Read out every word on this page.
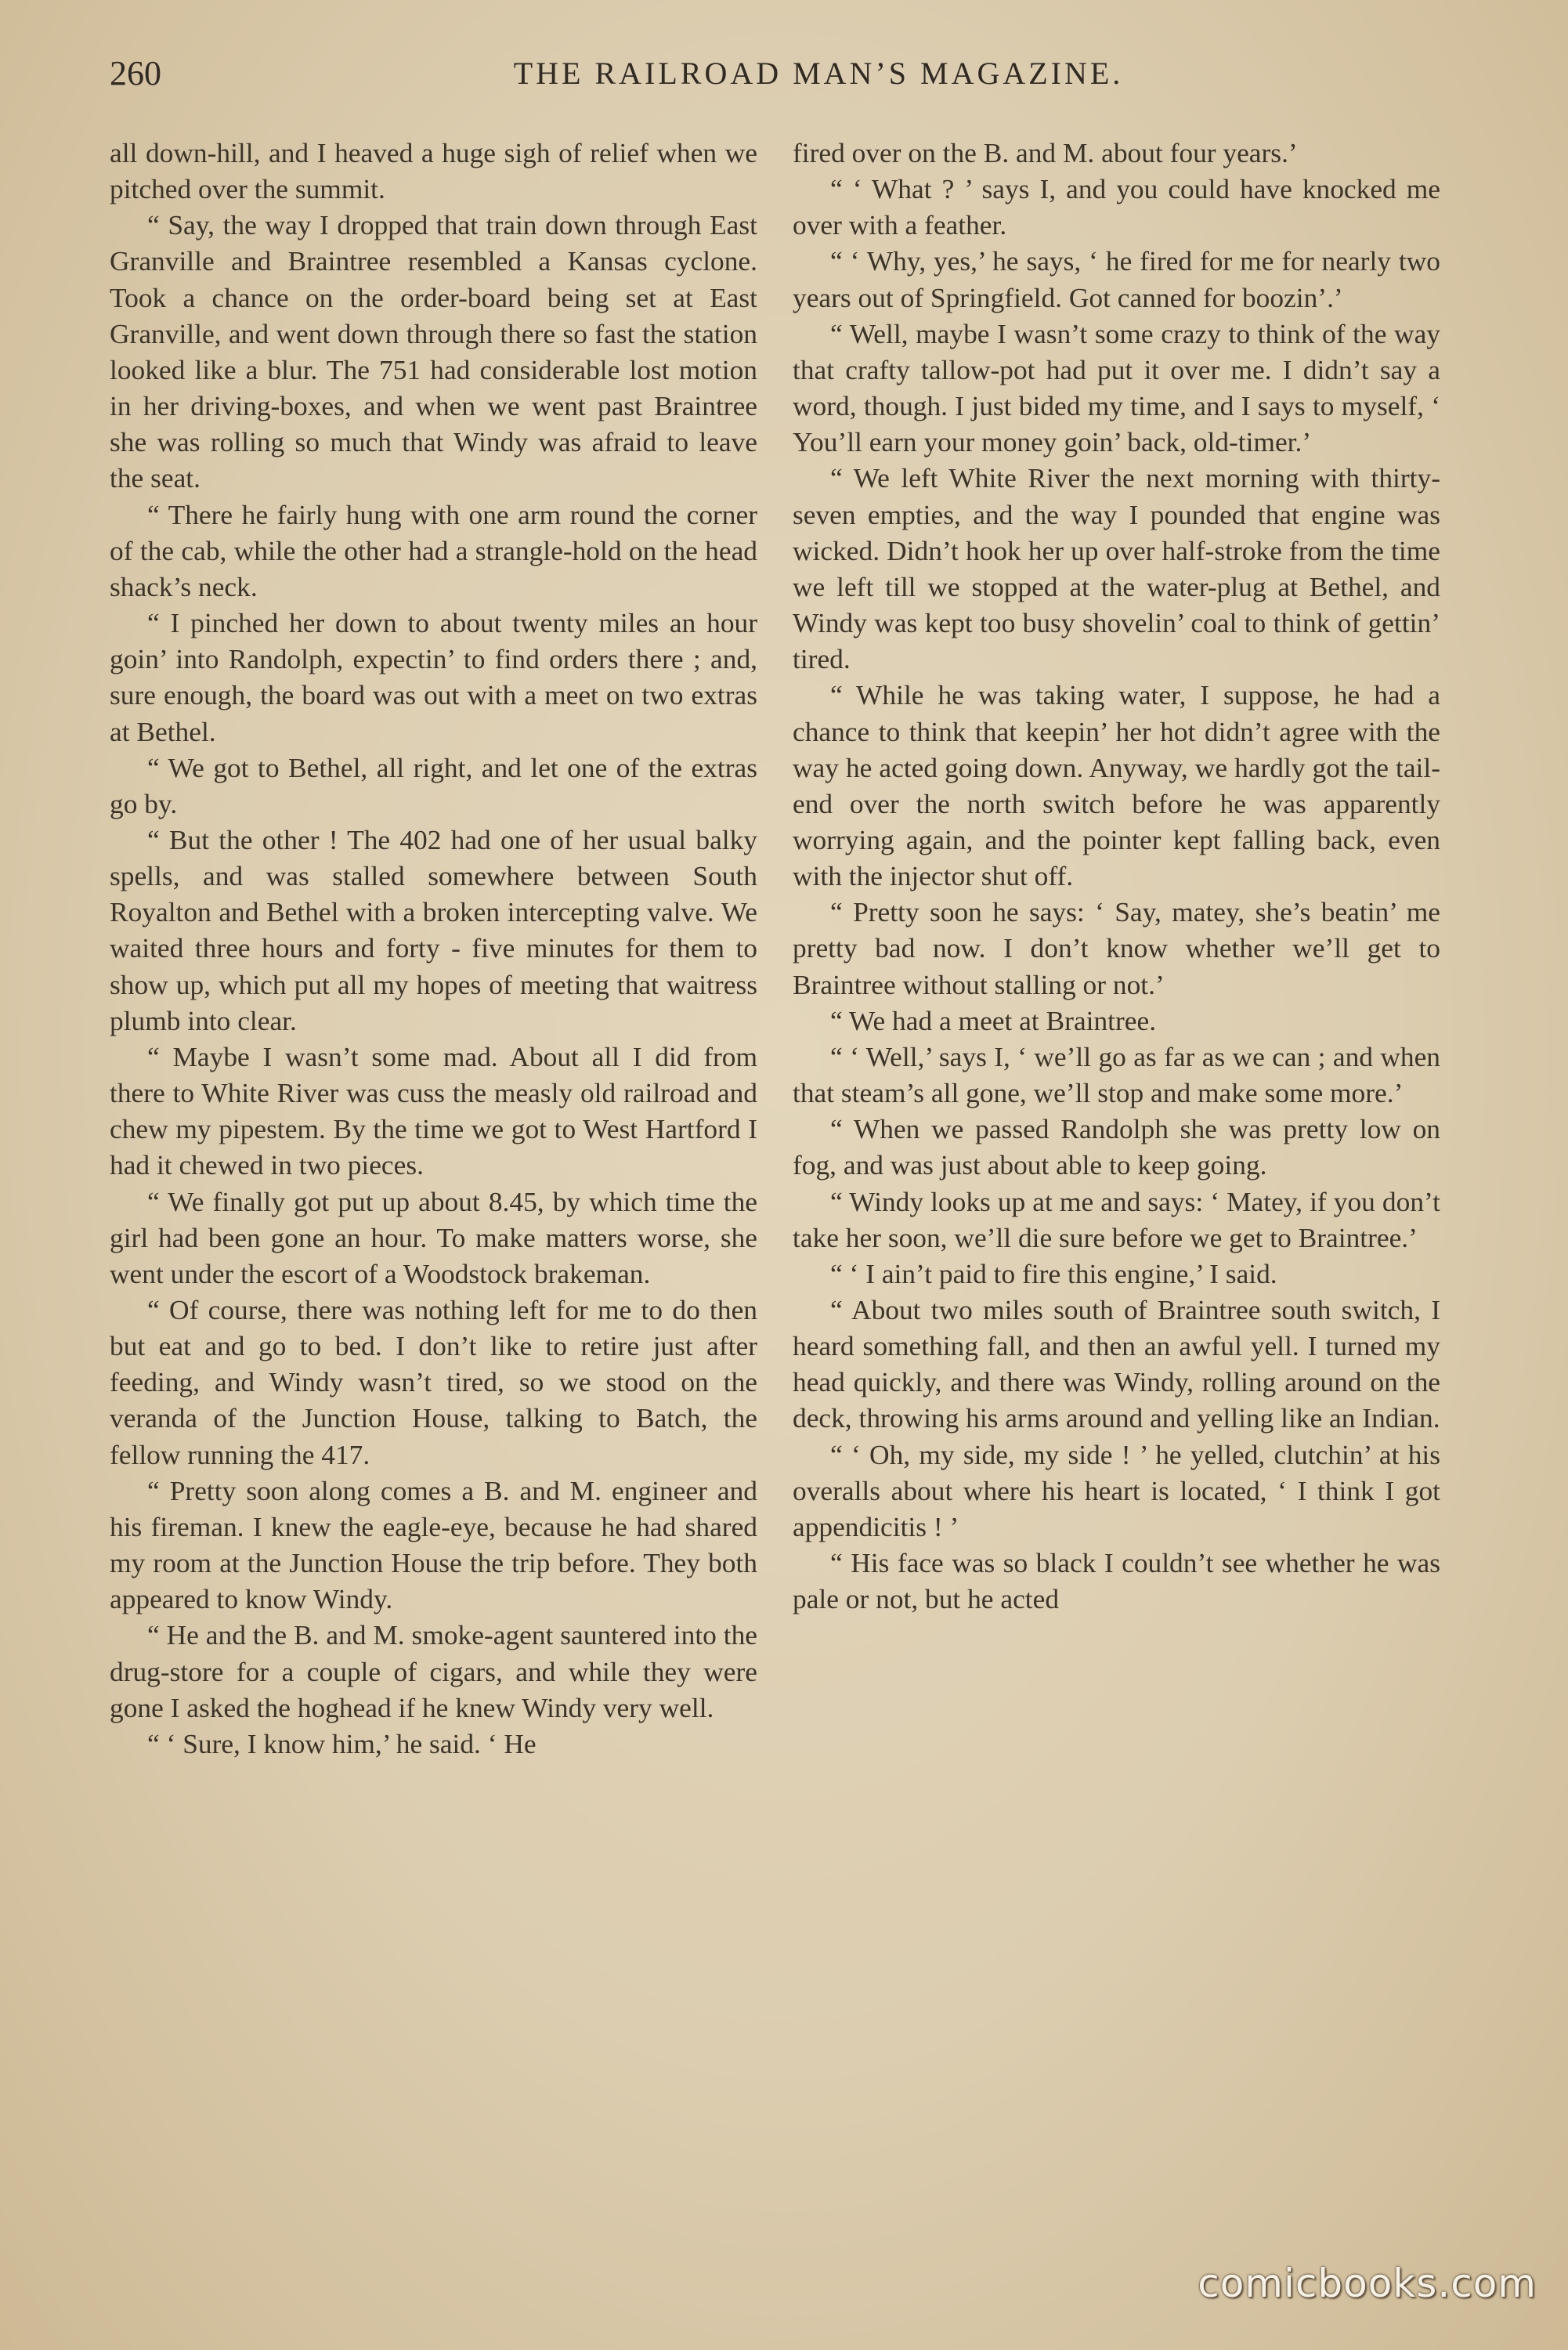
260	THE RAILROAD MAN’S MAGAZINE.

all down-hill, and I heaved a huge sigh of relief when we pitched over the summit.

“ Say, the way I dropped that train down through East Granville and Braintree resembled a Kansas cyclone. Took a chance on the order-board being set at East Granville, and went down through there so fast the station looked like a blur. The 751 had considerable lost motion in her driving-boxes, and when we went past Braintree she was rolling so much that Windy was afraid to leave the seat.

“ There he fairly hung with one arm round the corner of the cab, while the other had a strangle-hold on the head shack’s neck.

“ I pinched her down to about twenty miles an hour goin’ into Randolph, expectin’ to find orders there ; and, sure enough, the board was out with a meet on two extras at Bethel.

“ We got to Bethel, all right, and let one of the extras go by.

“ But the other ! The 402 had one of her usual balky spells, and was stalled somewhere between South Royalton and Bethel with a broken intercepting valve. We waited three hours and forty - five minutes for them to show up, which put all my hopes of meeting that waitress plumb into clear.

“ Maybe I wasn’t some mad. About all I did from there to White River was cuss the measly old railroad and chew my pipestem. By the time we got to West Hartford I had it chewed in two pieces.

“ We finally got put up about 8.45, by which time the girl had been gone an hour. To make matters worse, she went under the escort of a Woodstock brakeman.

“ Of course, there was nothing left for me to do then but eat and go to bed. I don’t like to retire just after feeding, and Windy wasn’t tired, so we stood on the veranda of the Junction House, talking to Batch, the fellow running the 417.

“ Pretty soon along comes a B. and M. engineer and his fireman. I knew the eagle-eye, because he had shared my room at the Junction House the trip before. They both appeared to know Windy.

“ He and the B. and M. smoke-agent sauntered into the drug-store for a couple of cigars, and while they were gone I asked the hoghead if he knew Windy very well.

“ ‘ Sure, I know him,’ he said. ‘ He

fired over on the B. and M. about four years.’

“ ‘ What ? ’ says I, and you could have knocked me over with a feather.

“ ‘ Why, yes,’ he says, ‘ he fired for me for nearly two years out of Springfield. Got canned for boozin’.’

“ Well, maybe I wasn’t some crazy to think of the way that crafty tallow-pot had put it over me. I didn’t say a word, though. I just bided my time, and I says to myself, ‘ You’ll earn your money goin’ back, old-timer.’

“ We left White River the next morning with thirty-seven empties, and the way I pounded that engine was wicked. Didn’t hook her up over half-stroke from the time we left till we stopped at the water-plug at Bethel, and Windy was kept too busy shovelin’ coal to think of gettin’ tired.

“ While he was taking water, I suppose, he had a chance to think that keepin’ her hot didn’t agree with the way he acted going down. Anyway, we hardly got the tail-end over the north switch before he was apparently worrying again, and the pointer kept falling back, even with the injector shut off.

“ Pretty soon he says: ‘ Say, matey, she’s beatin’ me pretty bad now. I don’t know whether we’ll get to Braintree without stalling or not.’

“ We had a meet at Braintree.

“ ‘ Well,’ says I, ‘ we’ll go as far as we can ; and when that steam’s all gone, we’ll stop and make some more.’

“ When we passed Randolph she was pretty low on fog, and was just about able to keep going.

“ Windy looks up at me and says: ‘ Matey, if you don’t take her soon, we’ll die sure before we get to Braintree.’

“ ‘ I ain’t paid to fire this engine,’ I said.

“ About two miles south of Braintree south switch, I heard something fall, and then an awful yell. I turned my head quickly, and there was Windy, rolling around on the deck, throwing his arms around and yelling like an Indian.

“ ‘ Oh, my side, my side ! ’ he yelled, clutchin’ at his overalls about where his heart is located, ‘ I think I got appendicitis ! ’

“ His face was so black I couldn’t see whether he was pale or not, but he acted

comicbooks.com
